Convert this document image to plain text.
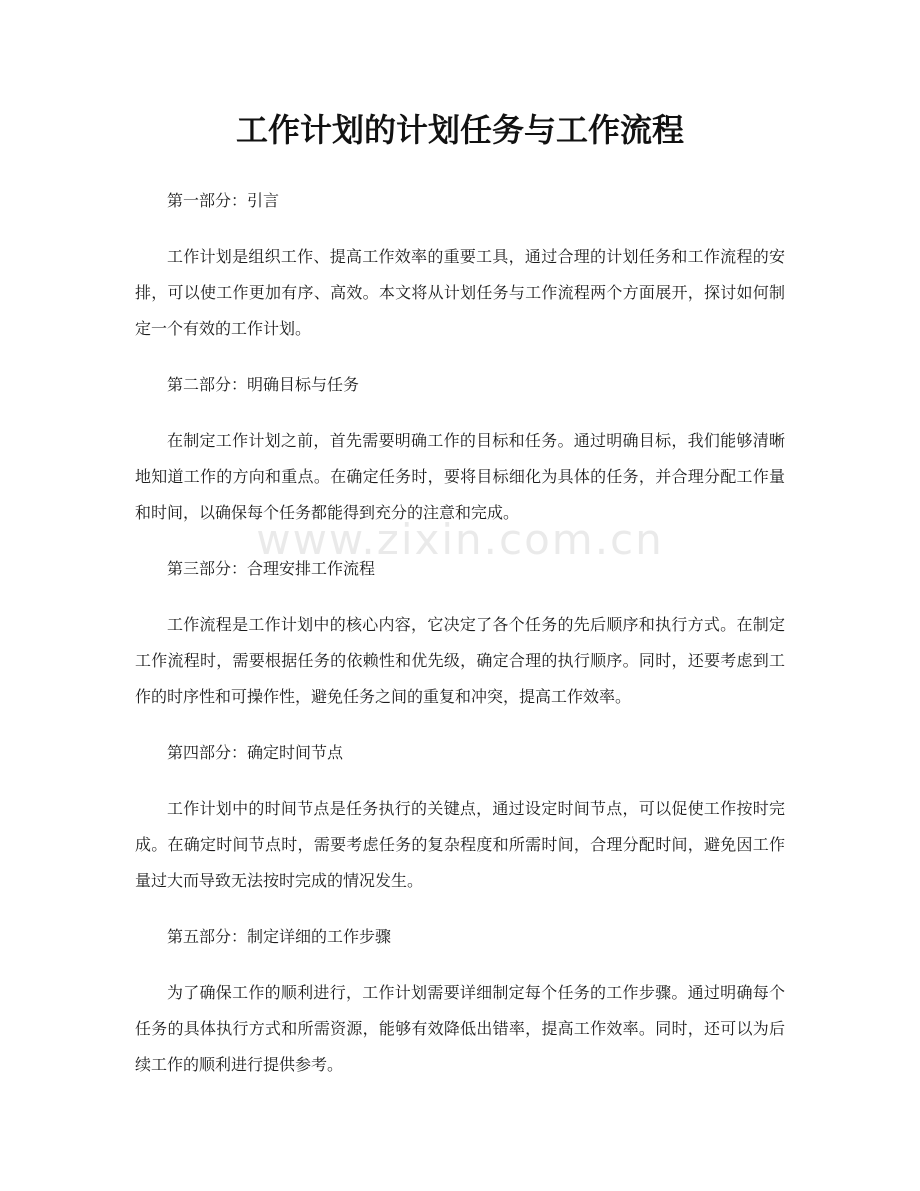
工作计划的计划任务与工作流程
www.zixin.com.cn

第一部分：引言

工作计划是组织工作、提高工作效率的重要工具，通过合理的计划任务和工作流程的安排，可以使工作更加有序、高效。本文将从计划任务与工作流程两个方面展开，探讨如何制定一个有效的工作计划。

第二部分：明确目标与任务

在制定工作计划之前，首先需要明确工作的目标和任务。通过明确目标，我们能够清晰地知道工作的方向和重点。在确定任务时，要将目标细化为具体的任务，并合理分配工作量和时间，以确保每个任务都能得到充分的注意和完成。

第三部分：合理安排工作流程

工作流程是工作计划中的核心内容，它决定了各个任务的先后顺序和执行方式。在制定工作流程时，需要根据任务的依赖性和优先级，确定合理的执行顺序。同时，还要考虑到工作的时序性和可操作性，避免任务之间的重复和冲突，提高工作效率。

第四部分：确定时间节点

工作计划中的时间节点是任务执行的关键点，通过设定时间节点，可以促使工作按时完成。在确定时间节点时，需要考虑任务的复杂程度和所需时间，合理分配时间，避免因工作量过大而导致无法按时完成的情况发生。

第五部分：制定详细的工作步骤

为了确保工作的顺利进行，工作计划需要详细制定每个任务的工作步骤。通过明确每个任务的具体执行方式和所需资源，能够有效降低出错率，提高工作效率。同时，还可以为后续工作的顺利进行提供参考。
